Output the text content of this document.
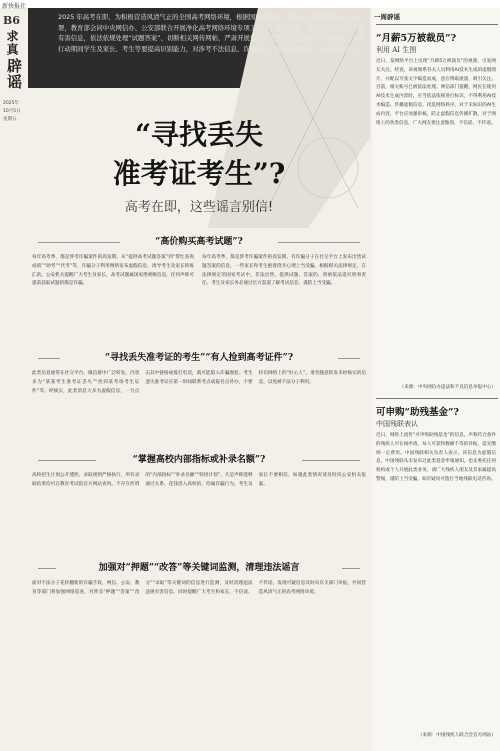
新快报社
B6
求真
辟谣
2025年
10月5日
星期五
2025 年高考在即，为积极营造风清气正的全国高考网络环境，根据国家教育统一考试工作部际联席会议部署，教育部会同中央网信办、公安部联合开展净化高考网络环境专项工作。三部门通报、重申在排查清理违规有害信息，依法依规处理“试题答案”、切断相关网传网帖，严肃开展依法打击涉考违法犯罪等专项行动，专项行动期间学生及家长、考生等要提高识别能力，对涉考不法信息、诈骗信息，现谨以此提示，安全度过高考。
“寻找丢失
准考证考生”?
高考在即，这些谣言别信!
“高价购买高考试题”?
每年高考季，都是涉考诈骗案件的高发期。从“提供高考试题答案”到“帮忙查询成绩”“助考”“代考”等，诈骗分子利用网络发布虚假信息，诱导考生及家长转账汇款。公安机关提醒广大考生及家长，高考试题属国家绝密级信息，任何声称可提前获取试题的都是诈骗。
每年高考季，都是涉考诈骗案件的高发期。有诈骗分子在社交平台上发布出售试题答案的信息，一些家长和考生抱着侥幸心理上当受骗。根据相关法律规定，在法律规定的国家考试中，非法出售、提供试题、答案的，将被依法追究刑事责任。考生及家长务必通过官方渠道了解考试信息，谨防上当受骗。
“寻找丢失准考证的考生”“有人捡到高考证件”?
此类信息通常在社交平台、微信群中广泛转发，内容多为“某某考生准考证丢失”“捡到某考场考生证件”等。经核实，此类消息大多为虚假信息，一旦点击其中链接或拨打电话，就可能陷入诈骗圈套。考生遗失准考证应第一时间联系考点或报名点补办，不要轻信网络上的“好心人”。请勿随意转发未经核实的信息，以免被不法分子利用。
“掌握高校内部指标或补录名额”?
高校招生计划公开透明，录取规则严格执行，所有录取结果均可在教育考试院官方网站查询。不存在所谓的“内部指标”“补录名额”“特招计划”。凡是声称能够通过关系、花钱进入高校的，均属诈骗行为。考生及家长不要相信，如遇此类情况请及时向公安机关报案。
加强对“押题”“改答”等关键词监测，清理违法谣言
面对不法分子花样翻新的诈骗手段，网信、公安、教育等部门将加强网络巡查，对涉及“押题”“答案”“改分”“录取”等关键词的信息进行监测，及时清理违法违规有害信息。同时提醒广大考生和家长，不信谣、不传谣，发现可疑信息及时向有关部门举报，共同营造风清气正的高考网络环境。
一周辟谣
“月薪5万被裁员”?
利用 AI 生图
近日，某网络平台上出现“月薪5万被裁员”的视频，引发网友关注。经查，该视频系有关人员利用AI技术生成的虚假图片，并配以夸张文字编造而成，意在博取流量，吸引关注。目前，相关账号已被依法处理。网信部门提醒，网民在使用AI技术生成内容时，应当依法依规进行标识，不得利用AI技术编造、传播虚假信息，扰乱网络秩序。对于未标识的AI生成内容，平台应加强审核，防止虚假信息传播扩散。对于网络上的各类信息，广大网友要注意甄别，不信谣、不传谣。
（来源：中央网信办违法和不良信息举报中心）
可申购“助残基金”?
中国残联表认
近日，网络上流传“可申购助残基金”的信息，声称符合条件的残疾人可在线申请，每人可获得数额不等的补贴，需先缴纳一定费用。中国残联相关负责人表示，该信息为虚假信息，中国残联从未发布过此类基金申领通知，也未委托任何机构或个人开展此类业务。请广大残疾人朋友及其家属提高警惕，谨防上当受骗，如有疑问可拨打当地残联电话咨询。
（来源：中国残疾人联合会官方网站）
